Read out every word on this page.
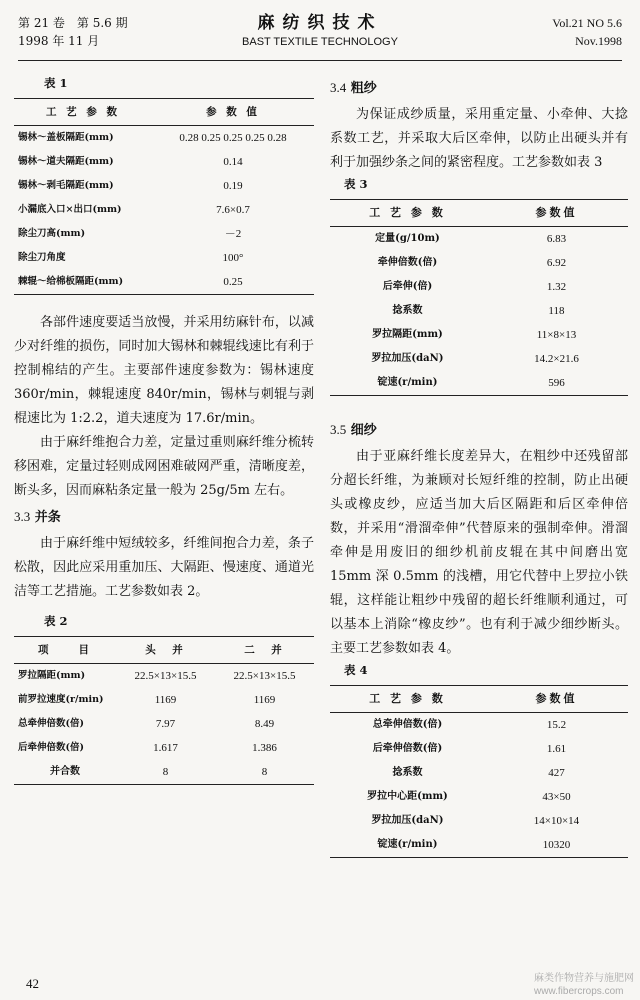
第 21 卷　第 5.6 期
1998 年 11 月
麻纺织技术
BAST TEXTILE TECHNOLOGY
Vol.21 NO 5.6
Nov.1998
表 1
工 艺 参 数	参 数 值
锡林～盖板隔距(mm)	0.28 0.25 0.25 0.25 0.28
锡林～道夫隔距(mm)	0.14
锡林～剥毛隔距(mm)	0.19
小漏底入口×出口(mm)	7.6×0.7
除尘刀高(mm)	－2
除尘刀角度	100°
棘辊～给棉板隔距(mm)	0.25

各部件速度要适当放慢，并采用纺麻针布，以减少对纤维的损伤，同时加大锡林和棘辊线速比有利于控制棉结的产生。主要部件速度参数为：锡林速度 360r/min，棘辊速度 840r/min，锡林与刺辊与剥棍速比为 1:2.2，道夫速度为 17.6r/min。

由于麻纤维抱合力差，定量过重则麻纤维分梳转移困难，定量过轻则成网困难破网严重，清晰度差，断头多，因而麻粘条定量一般为 25g/5m 左右。

3.3 并条

由于麻纤维中短绒较多，纤维间抱合力差，条子松散，因此应采用重加压、大隔距、慢速度、通道光洁等工艺措施。工艺参数如表 2。

表 2
项　　目	头　并	二　并
罗拉隔距(mm)	22.5×13×15.5	22.5×13×15.5
前罗拉速度(r/min)	1169	1169
总牵伸倍数(倍)	7.97	8.49
后牵伸倍数(倍)	1.617	1.386
并合数	8	8
3.4 粗纱

为保证成纱质量，采用重定量、小牵伸、大捻系数工艺，并采取大后区牵伸，以防止出硬头并有利于加强纱条之间的紧密程度。工艺参数如表 3

表 3
工 艺 参 数	参数值
定量(g/10m)	6.83
牵伸倍数(倍)	6.92
后牵伸(倍)	1.32
捻系数	118
罗拉隔距(mm)	11×8×13
罗拉加压(daN)	14.2×21.6
锭速(r/min)	596
3.5 细纱

由于亚麻纤维长度差异大，在粗纱中还残留部分超长纤维，为兼顾对长短纤维的控制，防止出硬头或橡皮纱，应适当加大后区隔距和后区牵伸倍数，并采用“滑溜牵伸”代替原来的强制牵伸。滑溜牵伸是用废旧的细纱机前皮辊在其中间磨出宽 15mm 深 0.5mm 的浅槽，用它代替中上罗拉小铁辊，这样能让粗纱中残留的超长纤维顺利通过，可以基本上消除“橡皮纱”。也有利于减少细纱断头。主要工艺参数如表 4。

表 4
工 艺 参 数	参数值
总牵伸倍数(倍)	15.2
后牵伸倍数(倍)	1.61
捻系数	427
罗拉中心距(mm)	43×50
罗拉加压(daN)	14×10×14
锭速(r/min)	10320
42	麻类作物营养与施肥网
www.fibercrops.com
